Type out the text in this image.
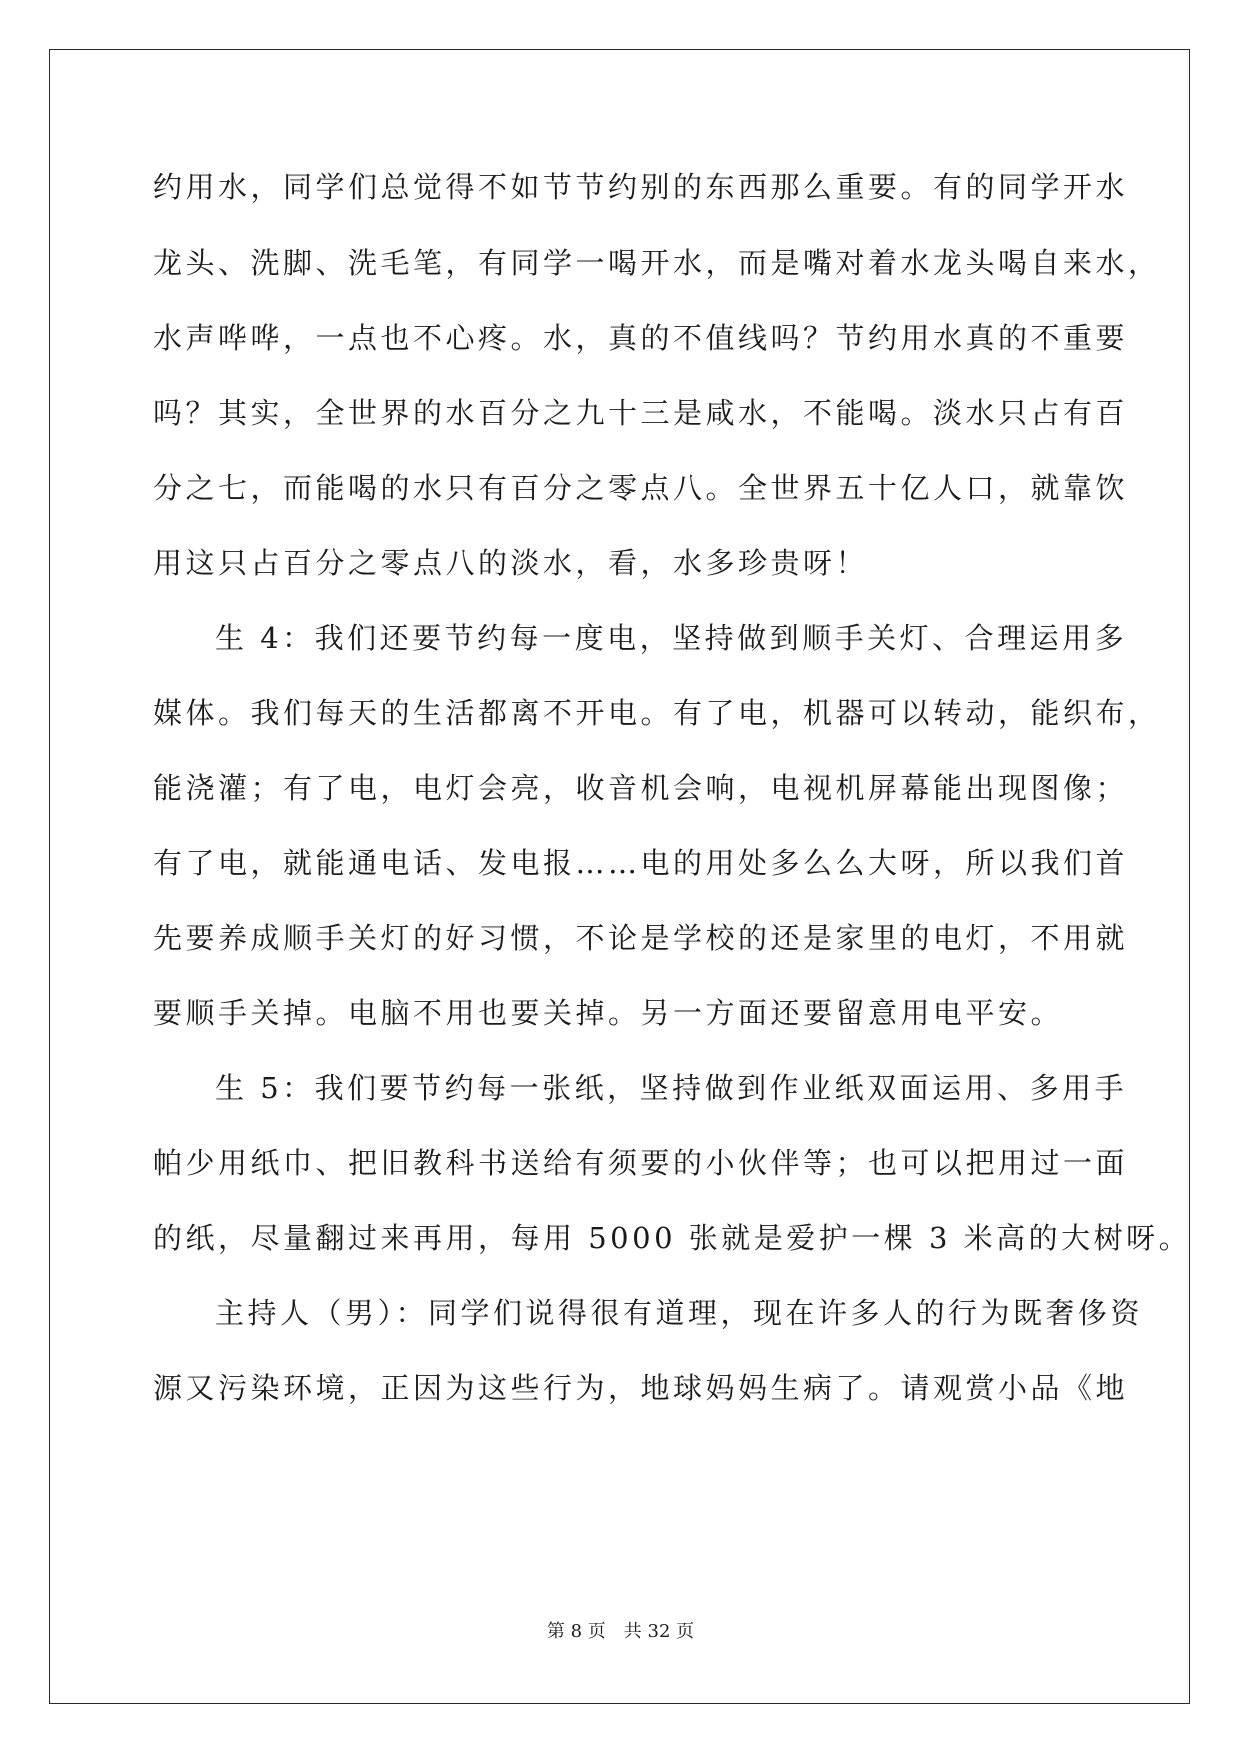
约用水，同学们总觉得不如节节约别的东西那么重要。有的同学开水
龙头、洗脚、洗毛笔，有同学一喝开水，而是嘴对着水龙头喝自来水，
水声哗哗，一点也不心疼。水，真的不值线吗？节约用水真的不重要
吗？其实，全世界的水百分之九十三是咸水，不能喝。淡水只占有百
分之七，而能喝的水只有百分之零点八。全世界五十亿人口，就靠饮
用这只占百分之零点八的淡水，看，水多珍贵呀！
生 4：我们还要节约每一度电，坚持做到顺手关灯、合理运用多
媒体。我们每天的生活都离不开电。有了电，机器可以转动，能织布，
能浇灌；有了电，电灯会亮，收音机会响，电视机屏幕能出现图像；
有了电，就能通电话、发电报……电的用处多么么大呀，所以我们首
先要养成顺手关灯的好习惯，不论是学校的还是家里的电灯，不用就
要顺手关掉。电脑不用也要关掉。另一方面还要留意用电平安。
生 5：我们要节约每一张纸，坚持做到作业纸双面运用、多用手
帕少用纸巾、把旧教科书送给有须要的小伙伴等；也可以把用过一面
的纸，尽量翻过来再用，每用 5000 张就是爱护一棵 3 米高的大树呀。
主持人（男）：同学们说得很有道理，现在许多人的行为既奢侈资
源又污染环境，正因为这些行为，地球妈妈生病了。请观赏小品《地
第 8 页 共 32 页
